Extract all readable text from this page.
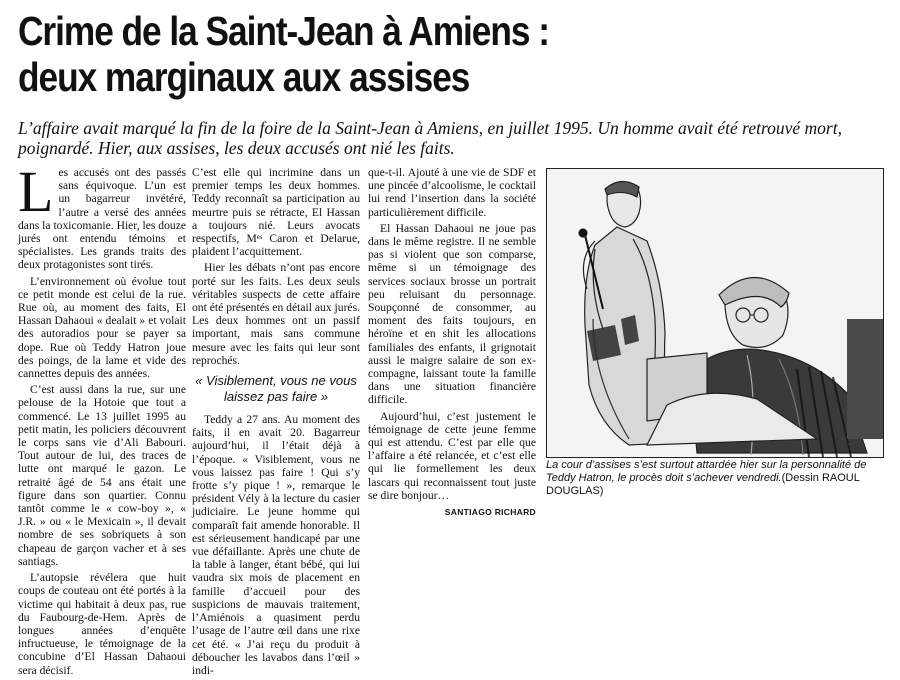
Crime de la Saint-Jean à Amiens :
deux marginaux aux assises

L’affaire avait marqué la fin de la foire de la Saint-Jean à Amiens, en juillet 1995. Un homme avait été retrouvé mort, poignardé. Hier, aux assises, les deux accusés ont nié les faits.

Les accusés ont des passés sans équivoque. L’un est un bagarreur invétéré, l’autre a versé des années dans la toxicomanie. Hier, les douze jurés ont entendu témoins et spécialistes. Les grands traits des deux protagonistes sont tirés.

L’environnement où évolue tout ce petit monde est celui de la rue. Rue où, au moment des faits, El Hassan Dahaoui « dealait » et volait des autoradios pour se payer sa dope. Rue où Teddy Hatron joue des poings, de la lame et vide des cannettes depuis des années.

C’est aussi dans la rue, sur une pelouse de la Hotoie que tout a commencé. Le 13 juillet 1995 au petit matin, les policiers découvrent le corps sans vie d’Ali Babouri. Tout autour de lui, des traces de lutte ont marqué le gazon. Le retraité âgé de 54 ans était une figure dans son quartier. Connu tantôt comme le « cow-boy », « J.R. » ou « le Mexicain », il devait nombre de ses sobriquets à son chapeau de garçon vacher et à ses santiags.

L’autopsie révélera que huit coups de couteau ont été portés à la victime qui habitait à deux pas, rue du Faubourg-de-Hem. Après de longues années d’enquête infructueuse, le témoignage de la concubine d’El Hassan Dahaoui sera décisif.

C’est elle qui incrimine dans un premier temps les deux hommes. Teddy reconnaît sa participation au meurtre puis se rétracte, El Hassan a toujours nié. Leurs avocats respectifs, Mᵉˢ Caron et Delarue, plaident l’acquittement.

Hier les débats n’ont pas encore porté sur les faits. Les deux seuls véritables suspects de cette affaire ont été présentés en détail aux jurés. Les deux hommes ont un passif important, mais sans commune mesure avec les faits qui leur sont reprochés.

« Visiblement, vous ne vous laissez pas faire »

Teddy a 27 ans. Au moment des faits, il en avait 20. Bagarreur aujourd’hui, il l’était déjà à l’époque. « Visiblement, vous ne vous laissez pas faire ! Qui s’y frotte s’y pique ! », remarque le président Vély à la lecture du casier judiciaire. Le jeune homme qui comparaît fait amende honorable. Il est sérieusement handicapé par une vue défaillante. Après une chute de la table à langer, étant bébé, qui lui vaudra six mois de placement en famille d’accueil pour des suspicions de mauvais traitement, l’Amiénois a quasiment perdu l’usage de l’autre œil dans une rixe cet été. « J’ai reçu du produit à déboucher les lavabos dans l’œil » indi-

que-t-il. Ajouté à une vie de SDF et une pincée d’alcoolisme, le cocktail lui rend l’insertion dans la société particulièrement difficile.

El Hassan Dahaoui ne joue pas dans le même registre. Il ne semble pas si violent que son comparse, même si un témoignage des services sociaux brosse un portrait peu reluisant du personnage. Soupçonné de consommer, au moment des faits toujours, en héroïne et en shit les allocations familiales des enfants, il grignotait aussi le maigre salaire de son ex-compagne, laissant toute la famille dans une situation financière difficile.

Aujourd’hui, c’est justement le témoignage de cette jeune femme qui est attendu. C’est par elle que l’affaire a été relancée, et c’est elle qui lie formellement les deux lascars qui reconnaissent tout juste se dire bonjour…

SANTIAGO RICHARD
Sof

La cour d’assises s’est surtout attardée hier sur la personnalité de Teddy Hatron, le procès doit s’achever vendredi.(Dessin RAOUL DOUGLAS)
